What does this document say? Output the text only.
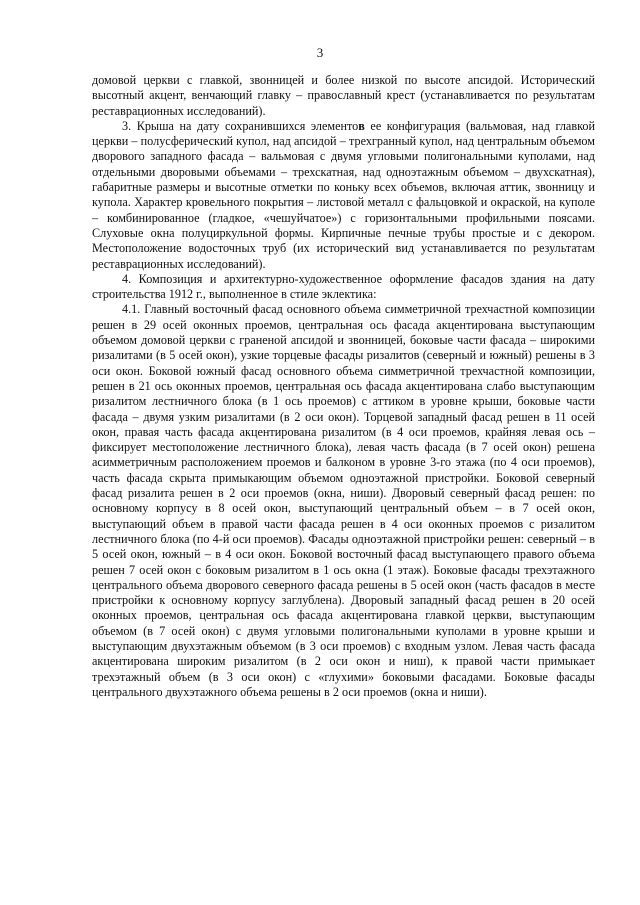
3

домовой церкви с главкой, звонницей и более низкой по высоте апсидой. Исторический высотный акцент, венчающий главку – православный крест (устанавливается по результатам реставрационных исследований).

3. Крыша на дату сохранившихся элементов ее конфигурация (вальмовая, над главкой церкви – полусферический купол, над апсидой – трехгранный купол, над центральным объемом дворового западного фасада – вальмовая с двумя угловыми полигональными куполами, над отдельными дворовыми объемами – трехскатная, над одноэтажным объемом – двухскатная), габаритные размеры и высотные отметки по коньку всех объемов, включая аттик, звонницу и купола. Характер кровельного покрытия – листовой металл с фальцовкой и окраской, на куполе – комбинированное (гладкое, «чешуйчатое») с горизонтальными профильными поясами. Слуховые окна полуциркульной формы. Кирпичные печные трубы простые и с декором. Местоположение водосточных труб (их исторический вид устанавливается по результатам реставрационных исследований).

4. Композиция и архитектурно-художественное оформление фасадов здания на дату строительства 1912 г., выполненное в стиле эклектика:

4.1. Главный восточный фасад основного объема симметричной трехчастной композиции решен в 29 осей оконных проемов, центральная ось фасада акцентирована выступающим объемом домовой церкви с граненой апсидой и звонницей, боковые части фасада – широкими ризалитами (в 5 осей окон), узкие торцевые фасады ризалитов (северный и южный) решены в 3 оси окон. Боковой южный фасад основного объема симметричной трехчастной композиции, решен в 21 ось оконных проемов, центральная ось фасада акцентирована слабо выступающим ризалитом лестничного блока (в 1 ось проемов) с аттиком в уровне крыши, боковые части фасада – двумя узким ризалитами (в 2 оси окон). Торцевой западный фасад решен в 11 осей окон, правая часть фасада акцентирована ризалитом (в 4 оси проемов, крайняя левая ось – фиксирует местоположение лестничного блока), левая часть фасада (в 7 осей окон) решена асимметричным расположением проемов и балконом в уровне 3-го этажа (по 4 оси проемов), часть фасада скрыта примыкающим объемом одноэтажной пристройки. Боковой северный фасад ризалита решен в 2 оси проемов (окна, ниши). Дворовый северный фасад решен: по основному корпусу в 8 осей окон, выступающий центральный объем – в 7 осей окон, выступающий объем в правой части фасада решен в 4 оси оконных проемов с ризалитом лестничного блока (по 4-й оси проемов). Фасады одноэтажной пристройки решен: северный – в 5 осей окон, южный – в 4 оси окон. Боковой восточный фасад выступающего правого объема решен 7 осей окон с боковым ризалитом в 1 ось окна (1 этаж). Боковые фасады трехэтажного центрального объема дворового северного фасада решены в 5 осей окон (часть фасадов в месте пристройки к основному корпусу заглублена). Дворовый западный фасад решен в 20 осей оконных проемов, центральная ось фасада акцентирована главкой церкви, выступающим объемом (в 7 осей окон) с двумя угловыми полигональными куполами в уровне крыши и выступающим двухэтажным объемом (в 3 оси проемов) с входным узлом. Левая часть фасада акцентирована широким ризалитом (в 2 оси окон и ниш), к правой части примыкает трехэтажный объем (в 3 оси окон) с «глухими» боковыми фасадами. Боковые фасады центрального двухэтажного объема решены в 2 оси проемов (окна и ниши).
